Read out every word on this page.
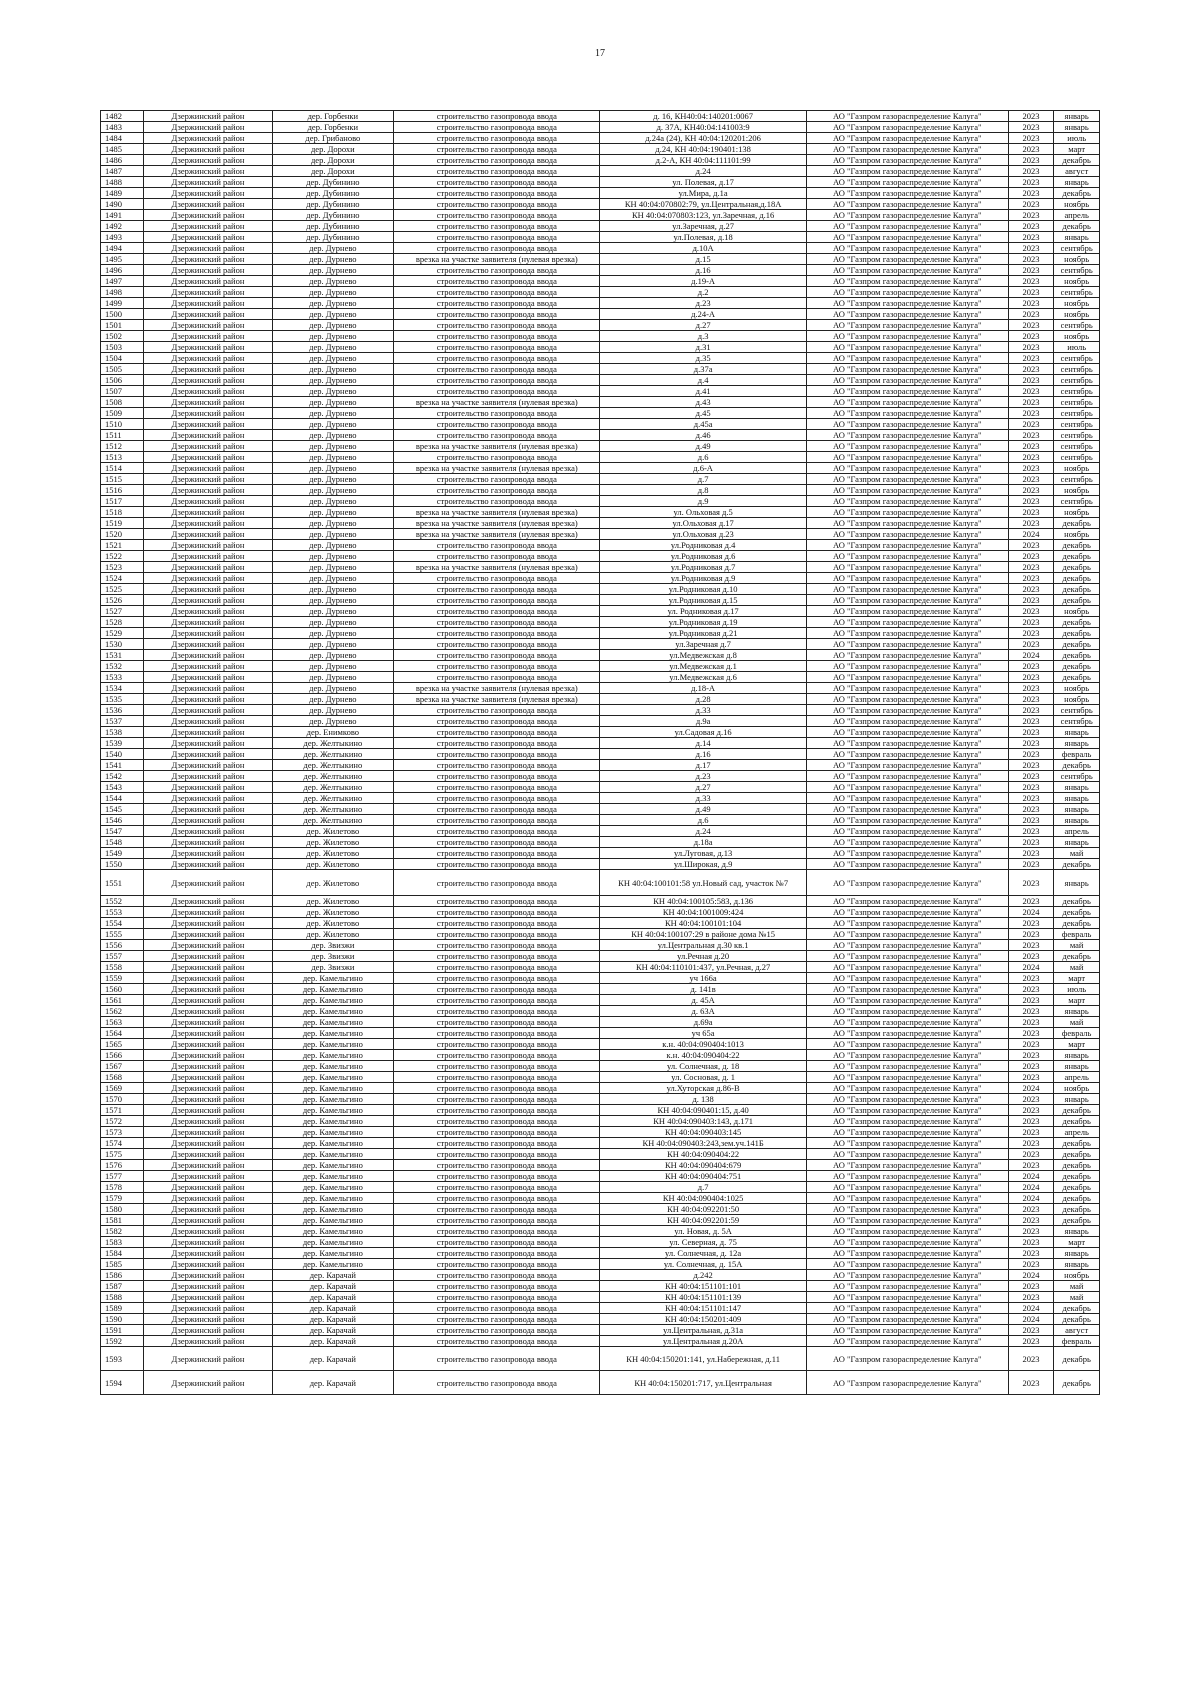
17
1482	Дзержинский район	дер. Горбенки	строительство газопровода ввода	д. 16, КН40:04:140201:0067	АО "Газпром газораспределение Калуга"	2023	январь
1483	Дзержинский район	дер. Горбенки	строительство газопровода ввода	д. 37А, КН40:04:141003:9	АО "Газпром газораспределение Калуга"	2023	январь
1484	Дзержинский район	дер. Грибаново	строительство газопровода ввода	д.24а (24), КН 40:04:120201:206	АО "Газпром газораспределение Калуга"	2023	июль
1485	Дзержинский район	дер. Дорохи	строительство газопровода ввода	д.24, КН 40:04:190401:138	АО "Газпром газораспределение Калуга"	2023	март
1486	Дзержинский район	дер. Дорохи	строительство газопровода ввода	д.2-А, КН 40:04:111101:99	АО "Газпром газораспределение Калуга"	2023	декабрь
1487	Дзержинский район	дер. Дорохи	строительство газопровода ввода	д.24	АО "Газпром газораспределение Калуга"	2023	август
1488	Дзержинский район	дер. Дубинино	строительство газопровода ввода	ул. Полевая, д.17	АО "Газпром газораспределение Калуга"	2023	январь
1489	Дзержинский район	дер. Дубинино	строительство газопровода ввода	ул.Мира, д.1а	АО "Газпром газораспределение Калуга"	2023	декабрь
1490	Дзержинский район	дер. Дубинино	строительство газопровода ввода	КН 40:04:070802:79, ул.Центральная,д.18А	АО "Газпром газораспределение Калуга"	2023	ноябрь
1491	Дзержинский район	дер. Дубинино	строительство газопровода ввода	КН 40:04:070803:123, ул.Заречная, д.16	АО "Газпром газораспределение Калуга"	2023	апрель
1492	Дзержинский район	дер. Дубинино	строительство газопровода ввода	ул.Заречная, д.27	АО "Газпром газораспределение Калуга"	2023	декабрь
1493	Дзержинский район	дер. Дубинино	строительство газопровода ввода	ул.Полевая, д.18	АО "Газпром газораспределение Калуга"	2023	январь
1494	Дзержинский район	дер. Дурнево	строительство газопровода ввода	д.10А	АО "Газпром газораспределение Калуга"	2023	сентябрь
1495	Дзержинский район	дер. Дурнево	врезка на участке заявителя (нулевая врезка)	д.15	АО "Газпром газораспределение Калуга"	2023	ноябрь
1496	Дзержинский район	дер. Дурнево	строительство газопровода ввода	д.16	АО "Газпром газораспределение Калуга"	2023	сентябрь
1497	Дзержинский район	дер. Дурнево	строительство газопровода ввода	д.19-А	АО "Газпром газораспределение Калуга"	2023	ноябрь
1498	Дзержинский район	дер. Дурнево	строительство газопровода ввода	д.2	АО "Газпром газораспределение Калуга"	2023	сентябрь
1499	Дзержинский район	дер. Дурнево	строительство газопровода ввода	д.23	АО "Газпром газораспределение Калуга"	2023	ноябрь
1500	Дзержинский район	дер. Дурнево	строительство газопровода ввода	д.24-А	АО "Газпром газораспределение Калуга"	2023	ноябрь
1501	Дзержинский район	дер. Дурнево	строительство газопровода ввода	д.27	АО "Газпром газораспределение Калуга"	2023	сентябрь
1502	Дзержинский район	дер. Дурнево	строительство газопровода ввода	д.3	АО "Газпром газораспределение Калуга"	2023	ноябрь
1503	Дзержинский район	дер. Дурнево	строительство газопровода ввода	д.31	АО "Газпром газораспределение Калуга"	2023	июль
1504	Дзержинский район	дер. Дурнево	строительство газопровода ввода	д.35	АО "Газпром газораспределение Калуга"	2023	сентябрь
1505	Дзержинский район	дер. Дурнево	строительство газопровода ввода	д.37а	АО "Газпром газораспределение Калуга"	2023	сентябрь
1506	Дзержинский район	дер. Дурнево	строительство газопровода ввода	д.4	АО "Газпром газораспределение Калуга"	2023	сентябрь
1507	Дзержинский район	дер. Дурнево	строительство газопровода ввода	д.41	АО "Газпром газораспределение Калуга"	2023	сентябрь
1508	Дзержинский район	дер. Дурнево	врезка на участке заявителя (нулевая врезка)	д.43	АО "Газпром газораспределение Калуга"	2023	сентябрь
1509	Дзержинский район	дер. Дурнево	строительство газопровода ввода	д.45	АО "Газпром газораспределение Калуга"	2023	сентябрь
1510	Дзержинский район	дер. Дурнево	строительство газопровода ввода	д.45а	АО "Газпром газораспределение Калуга"	2023	сентябрь
1511	Дзержинский район	дер. Дурнево	строительство газопровода ввода	д.46	АО "Газпром газораспределение Калуга"	2023	сентябрь
1512	Дзержинский район	дер. Дурнево	врезка на участке заявителя (нулевая врезка)	д.49	АО "Газпром газораспределение Калуга"	2023	сентябрь
1513	Дзержинский район	дер. Дурнево	строительство газопровода ввода	д.6	АО "Газпром газораспределение Калуга"	2023	сентябрь
1514	Дзержинский район	дер. Дурнево	врезка на участке заявителя (нулевая врезка)	д.6-А	АО "Газпром газораспределение Калуга"	2023	ноябрь
1515	Дзержинский район	дер. Дурнево	строительство газопровода ввода	д.7	АО "Газпром газораспределение Калуга"	2023	сентябрь
1516	Дзержинский район	дер. Дурнево	строительство газопровода ввода	д.8	АО "Газпром газораспределение Калуга"	2023	ноябрь
1517	Дзержинский район	дер. Дурнево	строительство газопровода ввода	д.9	АО "Газпром газораспределение Калуга"	2023	сентябрь
1518	Дзержинский район	дер. Дурнево	врезка на участке заявителя (нулевая врезка)	ул. Ольховая д.5	АО "Газпром газораспределение Калуга"	2023	ноябрь
1519	Дзержинский район	дер. Дурнево	врезка на участке заявителя (нулевая врезка)	ул.Ольховая д.17	АО "Газпром газораспределение Калуга"	2023	декабрь
1520	Дзержинский район	дер. Дурнево	врезка на участке заявителя (нулевая врезка)	ул.Ольховая д.23	АО "Газпром газораспределение Калуга"	2024	ноябрь
1521	Дзержинский район	дер. Дурнево	строительство газопровода ввода	ул.Родниковая д.4	АО "Газпром газораспределение Калуга"	2023	декабрь
1522	Дзержинский район	дер. Дурнево	строительство газопровода ввода	ул.Родниковая д.6	АО "Газпром газораспределение Калуга"	2023	декабрь
1523	Дзержинский район	дер. Дурнево	врезка на участке заявителя (нулевая врезка)	ул.Родниковая д.7	АО "Газпром газораспределение Калуга"	2023	декабрь
1524	Дзержинский район	дер. Дурнево	строительство газопровода ввода	ул.Родниковая д.9	АО "Газпром газораспределение Калуга"	2023	декабрь
1525	Дзержинский район	дер. Дурнево	строительство газопровода ввода	ул.Родниковая д.10	АО "Газпром газораспределение Калуга"	2023	декабрь
1526	Дзержинский район	дер. Дурнево	строительство газопровода ввода	ул.Родниковая д.15	АО "Газпром газораспределение Калуга"	2023	декабрь
1527	Дзержинский район	дер. Дурнево	строительство газопровода ввода	ул. Родниковая д.17	АО "Газпром газораспределение Калуга"	2023	ноябрь
1528	Дзержинский район	дер. Дурнево	строительство газопровода ввода	ул.Родниковая д.19	АО "Газпром газораспределение Калуга"	2023	декабрь
1529	Дзержинский район	дер. Дурнево	строительство газопровода ввода	ул.Родниковая д.21	АО "Газпром газораспределение Калуга"	2023	декабрь
1530	Дзержинский район	дер. Дурнево	строительство газопровода ввода	ул.Заречная д.7	АО "Газпром газораспределение Калуга"	2023	декабрь
1531	Дзержинский район	дер. Дурнево	строительство газопровода ввода	ул.Медвежская д.8	АО "Газпром газораспределение Калуга"	2024	декабрь
1532	Дзержинский район	дер. Дурнево	строительство газопровода ввода	ул.Медвежская д.1	АО "Газпром газораспределение Калуга"	2023	декабрь
1533	Дзержинский район	дер. Дурнево	строительство газопровода ввода	ул.Медвежская д.6	АО "Газпром газораспределение Калуга"	2023	декабрь
1534	Дзержинский район	дер. Дурнево	врезка на участке заявителя (нулевая врезка)	д.18-А	АО "Газпром газораспределение Калуга"	2023	ноябрь
1535	Дзержинский район	дер. Дурнево	врезка на участке заявителя (нулевая врезка)	д.28	АО "Газпром газораспределение Калуга"	2023	ноябрь
1536	Дзержинский район	дер. Дурнево	строительство газопровода ввода	д.33	АО "Газпром газораспределение Калуга"	2023	сентябрь
1537	Дзержинский район	дер. Дурнево	строительство газопровода ввода	д.9а	АО "Газпром газораспределение Калуга"	2023	сентябрь
1538	Дзержинский район	дер. Енимково	строительство газопровода ввода	ул.Садовая д.16	АО "Газпром газораспределение Калуга"	2023	январь
1539	Дзержинский район	дер. Желтыкино	строительство газопровода ввода	д.14	АО "Газпром газораспределение Калуга"	2023	январь
1540	Дзержинский район	дер. Желтыкино	строительство газопровода ввода	д.16	АО "Газпром газораспределение Калуга"	2023	февраль
1541	Дзержинский район	дер. Желтыкино	строительство газопровода ввода	д.17	АО "Газпром газораспределение Калуга"	2023	декабрь
1542	Дзержинский район	дер. Желтыкино	строительство газопровода ввода	д.23	АО "Газпром газораспределение Калуга"	2023	сентябрь
1543	Дзержинский район	дер. Желтыкино	строительство газопровода ввода	д.27	АО "Газпром газораспределение Калуга"	2023	январь
1544	Дзержинский район	дер. Желтыкино	строительство газопровода ввода	д.33	АО "Газпром газораспределение Калуга"	2023	январь
1545	Дзержинский район	дер. Желтыкино	строительство газопровода ввода	д.49	АО "Газпром газораспределение Калуга"	2023	январь
1546	Дзержинский район	дер. Желтыкино	строительство газопровода ввода	д.6	АО "Газпром газораспределение Калуга"	2023	январь
1547	Дзержинский район	дер. Жилетово	строительство газопровода ввода	д.24	АО "Газпром газораспределение Калуга"	2023	апрель
1548	Дзержинский район	дер. Жилетово	строительство газопровода ввода	д.18а	АО "Газпром газораспределение Калуга"	2023	январь
1549	Дзержинский район	дер. Жилетово	строительство газопровода ввода	ул.Луговая, д.13	АО "Газпром газораспределение Калуга"	2023	май
1550	Дзержинский район	дер. Жилетово	строительство газопровода ввода	ул.Широкая, д.9	АО "Газпром газораспределение Калуга"	2023	декабрь
1551	Дзержинский район	дер. Жилетово	строительство газопровода ввода	КН 40:04:100101:58 ул.Новый сад, участок №7	АО "Газпром газораспределение Калуга"	2023	январь
1552	Дзержинский район	дер. Жилетово	строительство газопровода ввода	КН 40:04:100105:583, д.136	АО "Газпром газораспределение Калуга"	2023	декабрь
1553	Дзержинский район	дер. Жилетово	строительство газопровода ввода	КН 40:04:1001009:424	АО "Газпром газораспределение Калуга"	2024	декабрь
1554	Дзержинский район	дер. Жилетово	строительство газопровода ввода	КН 40:04:100101:104	АО "Газпром газораспределение Калуга"	2023	декабрь
1555	Дзержинский район	дер. Жилетово	строительство газопровода ввода	КН 40:04:100107:29 в районе дома №15	АО "Газпром газораспределение Калуга"	2023	февраль
1556	Дзержинский район	дер. Звизжи	строительство газопровода ввода	ул.Центральная д.30 кв.1	АО "Газпром газораспределение Калуга"	2023	май
1557	Дзержинский район	дер. Звизжи	строительство газопровода ввода	ул.Речная д.20	АО "Газпром газораспределение Калуга"	2023	декабрь
1558	Дзержинский район	дер. Звизжи	строительство газопровода ввода	КН 40:04:110101:437, ул.Речная, д.27	АО "Газпром газораспределение Калуга"	2024	май
1559	Дзержинский район	дер. Камельгино	строительство газопровода ввода	уч 166а	АО "Газпром газораспределение Калуга"	2023	март
1560	Дзержинский район	дер. Камельгино	строительство газопровода ввода	д. 141в	АО "Газпром газораспределение Калуга"	2023	июль
1561	Дзержинский район	дер. Камельгино	строительство газопровода ввода	д. 45А	АО "Газпром газораспределение Калуга"	2023	март
1562	Дзержинский район	дер. Камельгино	строительство газопровода ввода	д. 63А	АО "Газпром газораспределение Калуга"	2023	январь
1563	Дзержинский район	дер. Камельгино	строительство газопровода ввода	д.69а	АО "Газпром газораспределение Калуга"	2023	май
1564	Дзержинский район	дер. Камельгино	строительство газопровода ввода	уч 65а	АО "Газпром газораспределение Калуга"	2023	февраль
1565	Дзержинский район	дер. Камельгино	строительство газопровода ввода	к.н. 40:04:090404:1013	АО "Газпром газораспределение Калуга"	2023	март
1566	Дзержинский район	дер. Камельгино	строительство газопровода ввода	к.н. 40:04:090404:22	АО "Газпром газораспределение Калуга"	2023	январь
1567	Дзержинский район	дер. Камельгино	строительство газопровода ввода	ул. Солнечная, д. 18	АО "Газпром газораспределение Калуга"	2023	январь
1568	Дзержинский район	дер. Камельгино	строительство газопровода ввода	ул. Сосновая, д. 1	АО "Газпром газораспределение Калуга"	2023	апрель
1569	Дзержинский район	дер. Камельгино	строительство газопровода ввода	ул.Хуторская д.86-В	АО "Газпром газораспределение Калуга"	2024	ноябрь
1570	Дзержинский район	дер. Камельгино	строительство газопровода ввода	д. 138	АО "Газпром газораспределение Калуга"	2023	январь
1571	Дзержинский район	дер. Камельгино	строительство газопровода ввода	КН 40:04:090401:15, д.40	АО "Газпром газораспределение Калуга"	2023	декабрь
1572	Дзержинский район	дер. Камельгино	строительство газопровода ввода	КН 40:04:090403:143, д.171	АО "Газпром газораспределение Калуга"	2023	декабрь
1573	Дзержинский район	дер. Камельгино	строительство газопровода ввода	КН 40:04:090403:145	АО "Газпром газораспределение Калуга"	2023	апрель
1574	Дзержинский район	дер. Камельгино	строительство газопровода ввода	КН 40:04:090403:243,зем.уч.141Б	АО "Газпром газораспределение Калуга"	2023	декабрь
1575	Дзержинский район	дер. Камельгино	строительство газопровода ввода	КН 40:04:090404:22	АО "Газпром газораспределение Калуга"	2023	декабрь
1576	Дзержинский район	дер. Камельгино	строительство газопровода ввода	КН 40:04:090404:679	АО "Газпром газораспределение Калуга"	2023	декабрь
1577	Дзержинский район	дер. Камельгино	строительство газопровода ввода	КН 40:04:090404:751	АО "Газпром газораспределение Калуга"	2024	декабрь
1578	Дзержинский район	дер. Камельгино	строительство газопровода ввода	д.7	АО "Газпром газораспределение Калуга"	2024	декабрь
1579	Дзержинский район	дер. Камельгино	строительство газопровода ввода	КН 40:04:090404:1025	АО "Газпром газораспределение Калуга"	2024	декабрь
1580	Дзержинский район	дер. Камельгино	строительство газопровода ввода	КН 40:04:092201:50	АО "Газпром газораспределение Калуга"	2023	декабрь
1581	Дзержинский район	дер. Камельгино	строительство газопровода ввода	КН 40:04:092201:59	АО "Газпром газораспределение Калуга"	2023	декабрь
1582	Дзержинский район	дер. Камельгино	строительство газопровода ввода	ул. Новая, д. 5А	АО "Газпром газораспределение Калуга"	2023	январь
1583	Дзержинский район	дер. Камельгино	строительство газопровода ввода	ул. Северная, д. 75	АО "Газпром газораспределение Калуга"	2023	март
1584	Дзержинский район	дер. Камельгино	строительство газопровода ввода	ул. Солнечная, д. 12а	АО "Газпром газораспределение Калуга"	2023	январь
1585	Дзержинский район	дер. Камельгино	строительство газопровода ввода	ул. Солнечная, д. 15А	АО "Газпром газораспределение Калуга"	2023	январь
1586	Дзержинский район	дер. Карачай	строительство газопровода ввода	д.242	АО "Газпром газораспределение Калуга"	2024	ноябрь
1587	Дзержинский район	дер. Карачай	строительство газопровода ввода	КН 40:04:151101:101	АО "Газпром газораспределение Калуга"	2023	май
1588	Дзержинский район	дер. Карачай	строительство газопровода ввода	КН 40:04:151101:139	АО "Газпром газораспределение Калуга"	2023	май
1589	Дзержинский район	дер. Карачай	строительство газопровода ввода	КН 40:04:151101:147	АО "Газпром газораспределение Калуга"	2024	декабрь
1590	Дзержинский район	дер. Карачай	строительство газопровода ввода	КН 40:04:150201:409	АО "Газпром газораспределение Калуга"	2024	декабрь
1591	Дзержинский район	дер. Карачай	строительство газопровода ввода	ул.Центральная, д.31а	АО "Газпром газораспределение Калуга"	2023	август
1592	Дзержинский район	дер. Карачай	строительство газопровода ввода	ул.Центральная д.20А	АО "Газпром газораспределение Калуга"	2023	февраль
1593	Дзержинский район	дер. Карачай	строительство газопровода ввода	КН 40:04:150201:141, ул.Набережная, д.11	АО "Газпром газораспределение Калуга"	2023	декабрь
1594	Дзержинский район	дер. Карачай	строительство газопровода ввода	КН 40:04:150201:717, ул.Центральная	АО "Газпром газораспределение Калуга"	2023	декабрь
